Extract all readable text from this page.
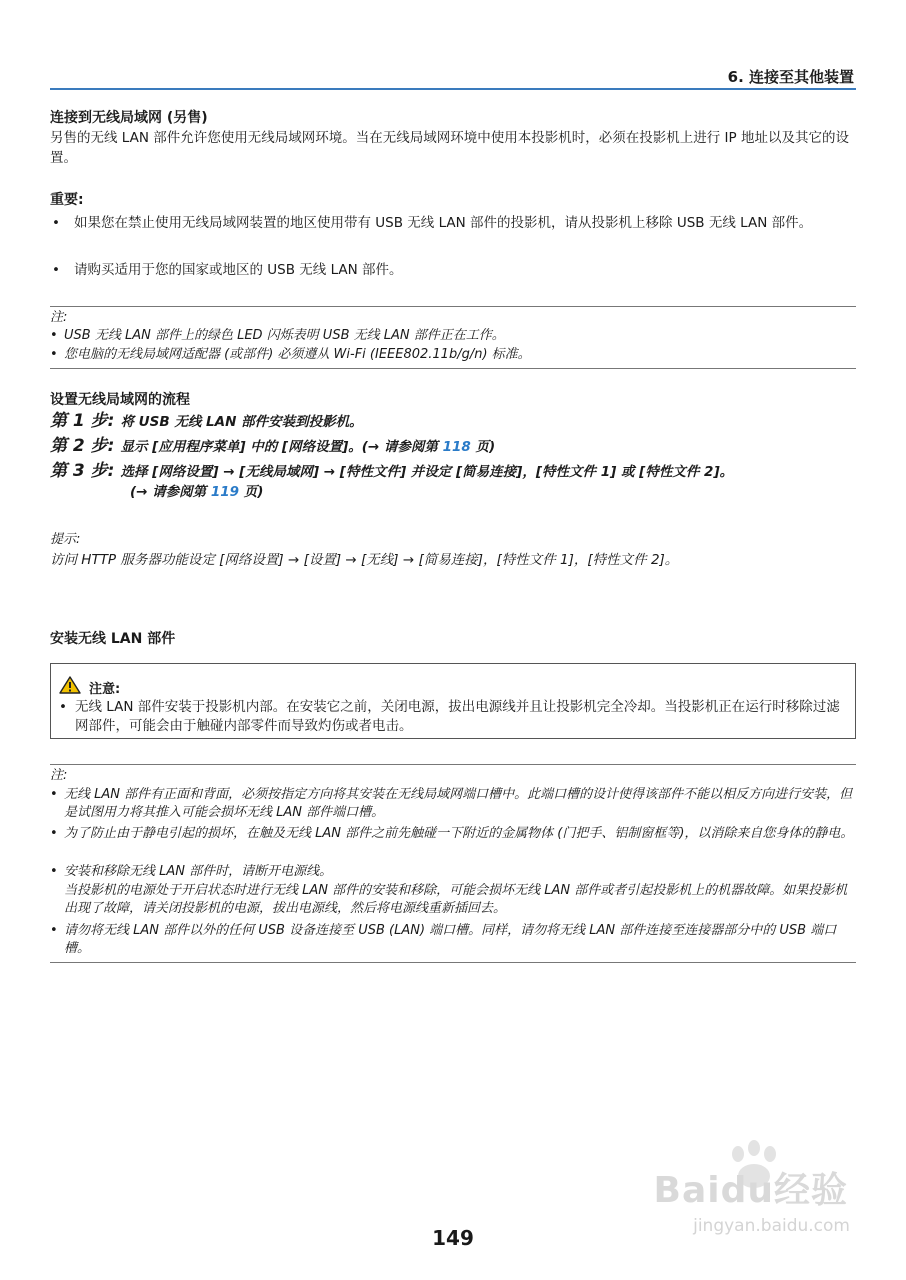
6. 连接至其他装置
连接到无线局域网 (另售)
另售的无线 LAN 部件允许您使用无线局域网环境。当在无线局域网环境中使用本投影机时，必须在投影机上进行 IP 地址以及其它的设置。
重要:
• 如果您在禁止使用无线局域网装置的地区使用带有 USB 无线 LAN 部件的投影机，请从投影机上移除 USB 无线 LAN 部件。
• 请购买适用于您的国家或地区的 USB 无线 LAN 部件。
注:
• USB 无线 LAN 部件上的绿色 LED 闪烁表明 USB 无线 LAN 部件正在工作。
• 您电脑的无线局域网适配器 (或部件) 必须遵从 Wi-Fi (IEEE802.11b/g/n) 标准。
设置无线局域网的流程
第 1 步: 将 USB 无线 LAN 部件安装到投影机。
第 2 步: 显示 [应用程序菜单] 中的 [网络设置]。(→ 请参阅第 118 页)
第 3 步: 选择 [网络设置] → [无线局域网] → [特性文件] 并设定 [简易连接]，[特性文件 1] 或 [特性文件 2]。
(→ 请参阅第 119 页)
提示:
访问 HTTP 服务器功能设定 [网络设置] → [设置] → [无线] → [简易连接]，[特性文件 1]，[特性文件 2]。
安装无线 LAN 部件
注意:
• 无线 LAN 部件安装于投影机内部。在安装它之前，关闭电源，拔出电源线并且让投影机完全冷却。当投影机正在运行时移除过滤网部件，可能会由于触碰内部零件而导致灼伤或者电击。
注:
• 无线 LAN 部件有正面和背面，必须按指定方向将其安装在无线局域网端口槽中。此端口槽的设计使得该部件不能以相反方向进行安装，但是试图用力将其推入可能会损坏无线 LAN 部件端口槽。
• 为了防止由于静电引起的损坏，在触及无线 LAN 部件之前先触碰一下附近的金属物体 (门把手、铝制窗框等)，以消除来自您身体的静电。
• 安装和移除无线 LAN 部件时，请断开电源线。
当投影机的电源处于开启状态时进行无线 LAN 部件的安装和移除，可能会损坏无线 LAN 部件或者引起投影机上的机器故障。如果投影机出现了故障，请关闭投影机的电源，拔出电源线，然后将电源线重新插回去。
• 请勿将无线 LAN 部件以外的任何 USB 设备连接至 USB (LAN) 端口槽。同样，请勿将无线 LAN 部件连接至连接器部分中的 USB 端口槽。
Baidu经验
jingyan.baidu.com
149
